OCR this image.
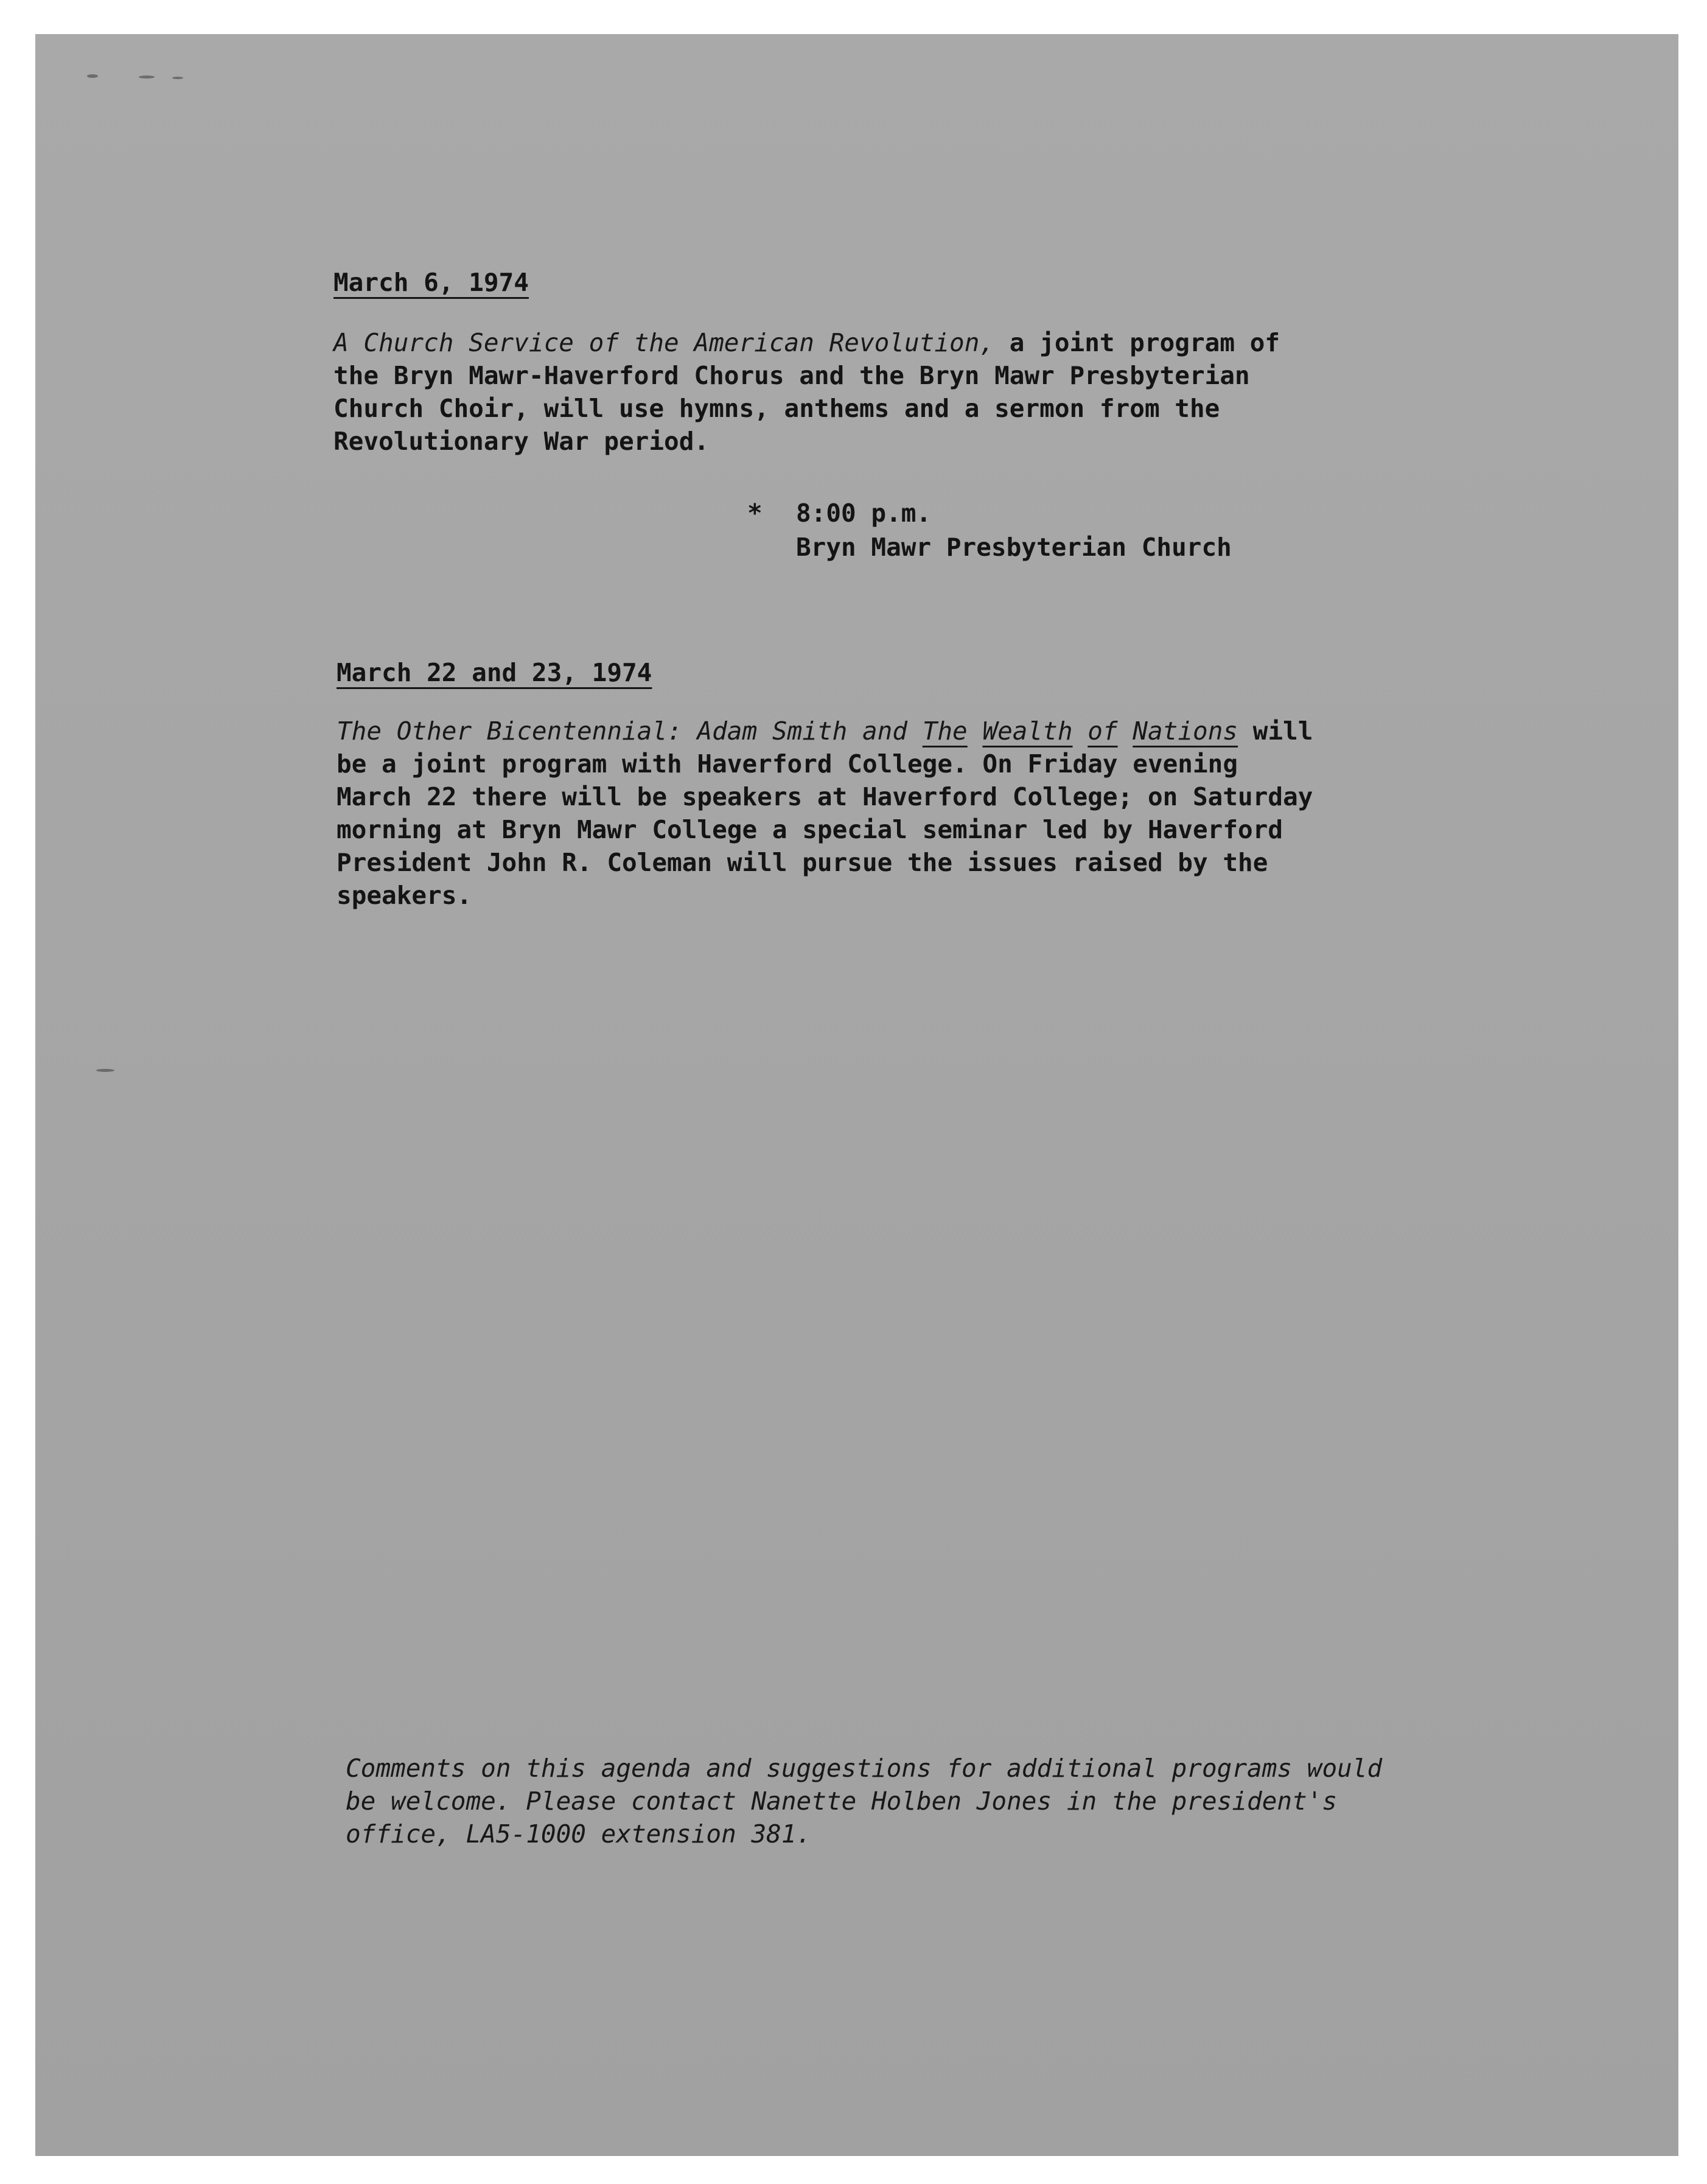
March 6, 1974
A Church Service of the American Revolution, a joint program of
the Bryn Mawr-Haverford Chorus and the Bryn Mawr Presbyterian
Church Choir, will use hymns, anthems and a sermon from the
Revolutionary War period.
* 8:00 p.m.
Bryn Mawr Presbyterian Church
March 22 and 23, 1974
The Other Bicentennial: Adam Smith and The Wealth of Nations will
be a joint program with Haverford College. On Friday evening
March 22 there will be speakers at Haverford College; on Saturday
morning at Bryn Mawr College a special seminar led by Haverford
President John R. Coleman will pursue the issues raised by the
speakers.
Comments on this agenda and suggestions for additional programs would
be welcome. Please contact Nanette Holben Jones in the president's
office, LA5-1000 extension 381.
